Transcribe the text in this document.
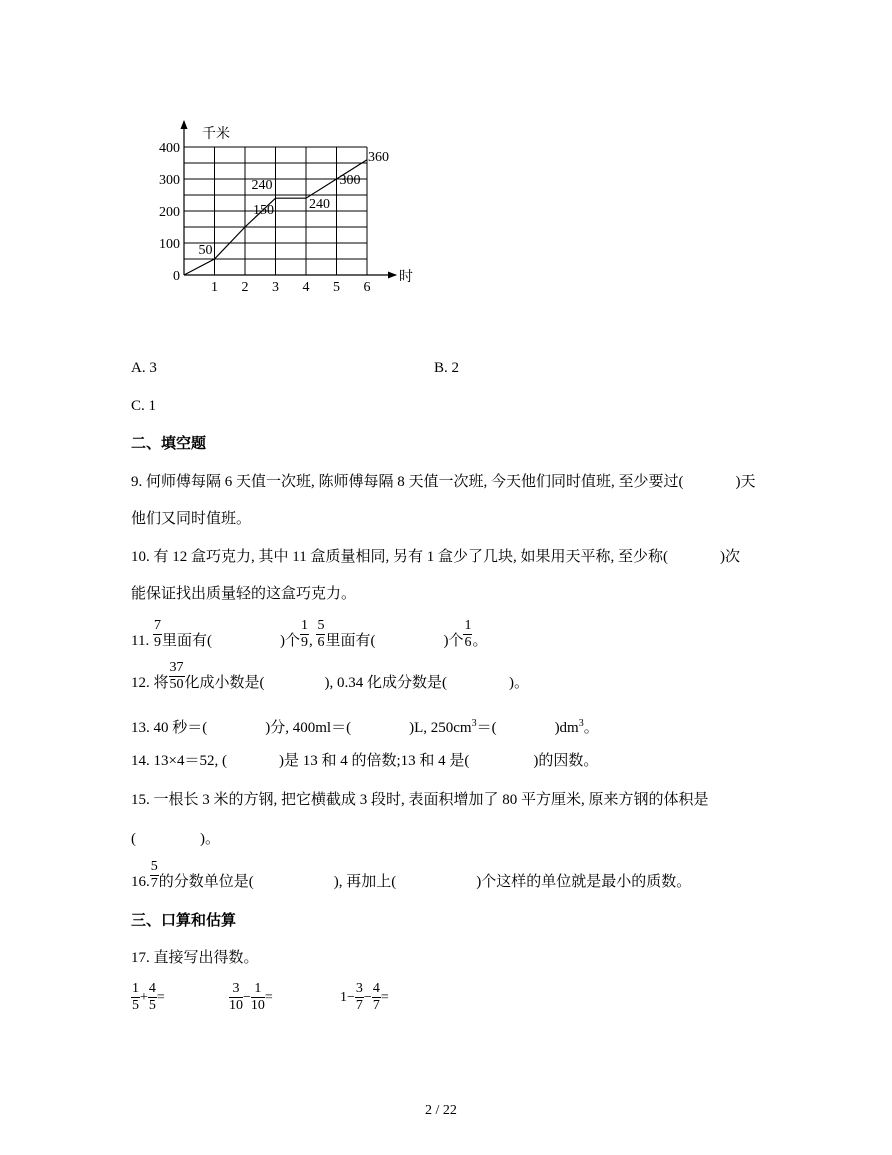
0
100
200
300
400
1 2 3 4 5 6
50
150
240
240
300
360
千米
时
A. 3	B. 2
C. 1
二、填空题
9. 何师傅每隔 6 天值一次班, 陈师傅每隔 8 天值一次班, 今天他们同时值班, 至少要过(	)天
他们又同时值班。
10. 有 12 盒巧克力, 其中 11 盒质量相同, 另有 1 盒少了几块, 如果用天平称, 至少称(	)次
能保证找出质量轻的这盒巧克力。
11. $\frac{7}{9}$ 里面有(	)个 $\frac{1}{9}$ , $\frac{5}{6}$ 里面有(	)个 $\frac{1}{6}$ 。
12. 将 $\frac{37}{50}$ 化成小数是(	), 0.34 化成分数是(	)。
13. 40 秒＝(	)分, 400ml＝(	)L, $250cm^3=$(	)$dm^3$。
14. 13×4＝52, (	)是 13 和 4 的倍数;13 和 4 是(	)的因数。
15. 一根长 3 米的方钢, 把它横截成 3 段时, 表面积增加了 80 平方厘米, 原来方钢的体积是
(	)。
16. $\frac{5}{7}$ 的分数单位是(	), 再加上(	)个这样的单位就是最小的质数。
三、口算和估算
17. 直接写出得数。
$\frac{1}{5} + \frac{4}{5}$ =	$\frac{3}{10} - \frac{1}{10}$ =	$1- \frac{3}{7} - \frac{4}{7}$ =
2 / 22
